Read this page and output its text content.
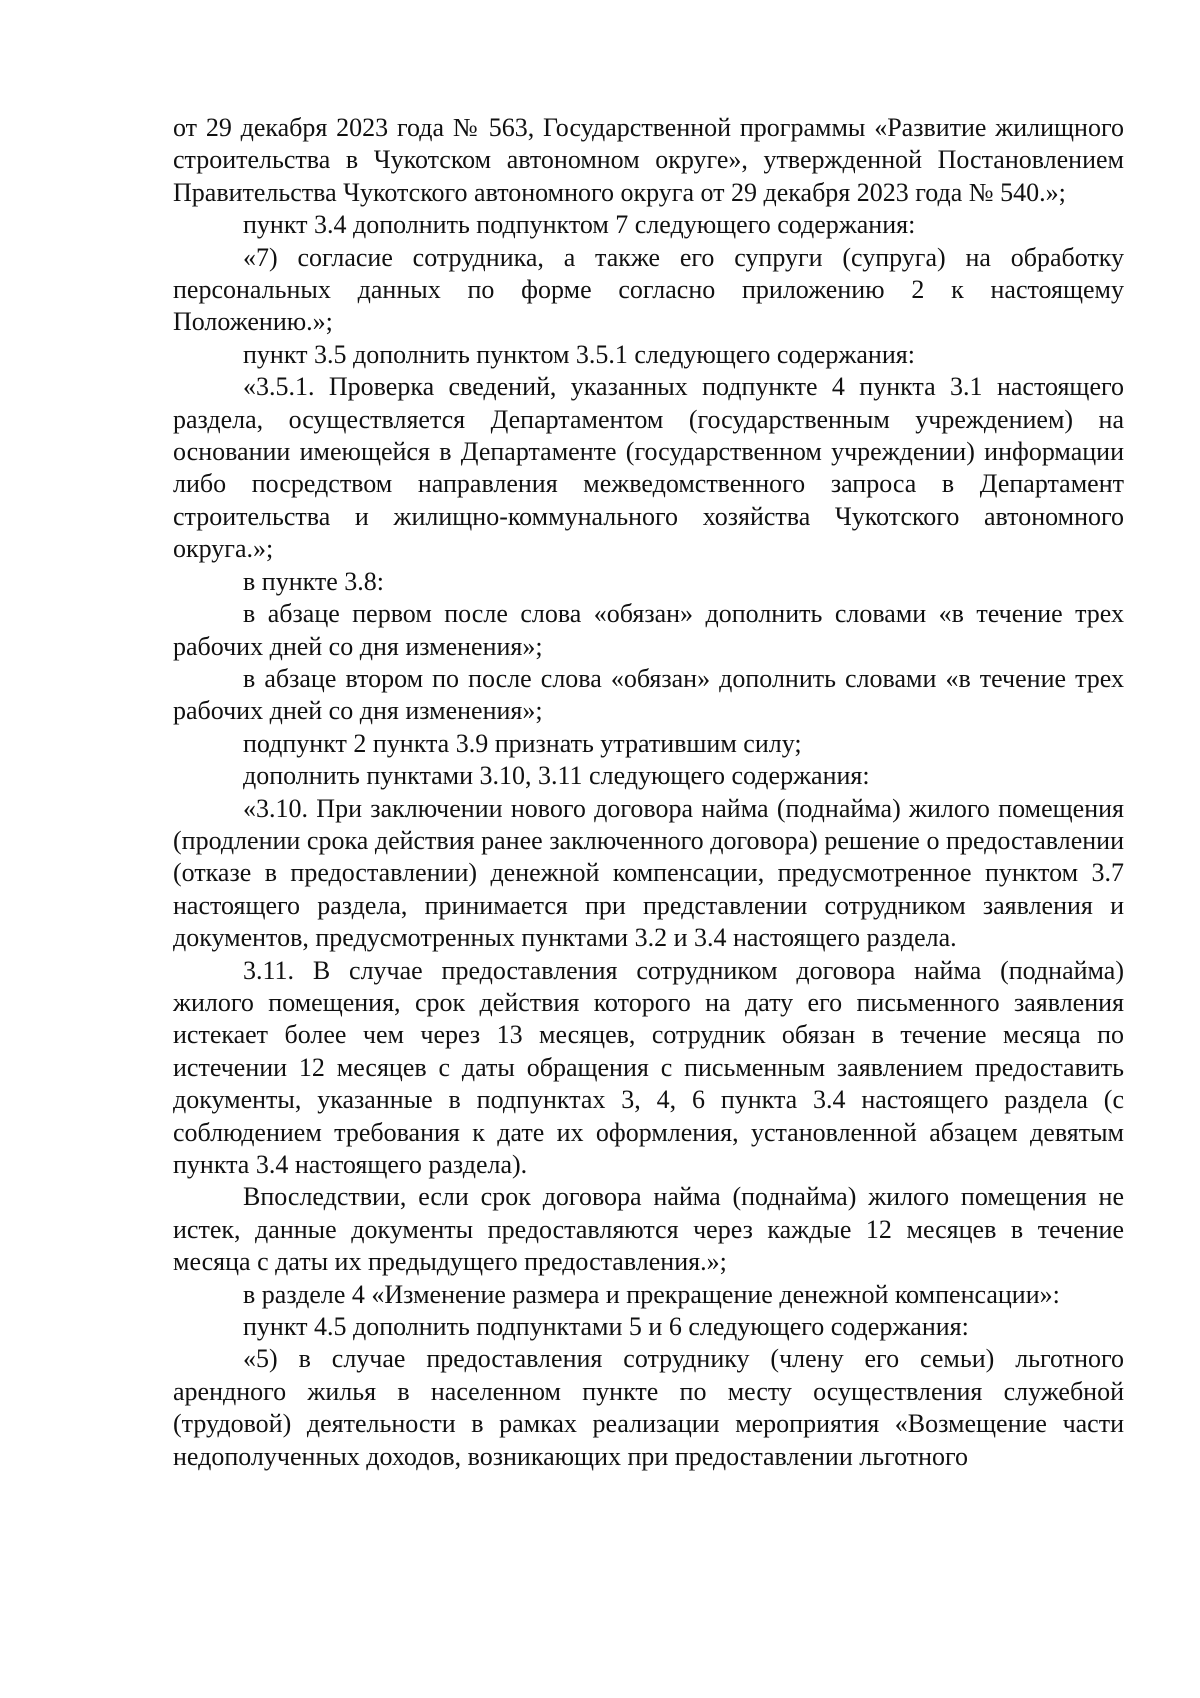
от 29 декабря 2023 года № 563, Государственной программы «Развитие жилищного строительства в Чукотском автономном округе», утвержденной Постановлением Правительства Чукотского автономного округа от 29 декабря 2023 года № 540.»;

пункт 3.4 дополнить подпунктом 7 следующего содержания:

«7) согласие сотрудника, а также его супруги (супруга) на обработку персональных данных по форме согласно приложению 2 к настоящему Положению.»;

пункт 3.5 дополнить пунктом 3.5.1 следующего содержания:

«3.5.1. Проверка сведений, указанных подпункте 4 пункта 3.1 настоящего раздела, осуществляется Департаментом (государственным учреждением) на основании имеющейся в Департаменте (государственном учреждении) информации либо посредством направления межведомственного запроса в Департамент строительства и жилищно-коммунального хозяйства Чукотского автономного округа.»;

в пункте 3.8:

в абзаце первом после слова «обязан» дополнить словами «в течение трех рабочих дней со дня изменения»;

в абзаце втором по после слова «обязан» дополнить словами «в течение трех рабочих дней со дня изменения»;

подпункт 2 пункта 3.9 признать утратившим силу;

дополнить пунктами 3.10, 3.11 следующего содержания:

«3.10. При заключении нового договора найма (поднайма) жилого помещения (продлении срока действия ранее заключенного договора) решение о предоставлении (отказе в предоставлении) денежной компенсации, предусмотренное пунктом 3.7 настоящего раздела, принимается при представлении сотрудником заявления и документов, предусмотренных пунктами 3.2 и 3.4 настоящего раздела.

3.11. В случае предоставления сотрудником договора найма (поднайма) жилого помещения, срок действия которого на дату его письменного заявления истекает более чем через 13 месяцев, сотрудник обязан в течение месяца по истечении 12 месяцев с даты обращения с письменным заявлением предоставить документы, указанные в подпунктах 3, 4, 6 пункта 3.4 настоящего раздела (с соблюдением требования к дате их оформления, установленной абзацем девятым пункта 3.4 настоящего раздела).

Впоследствии, если срок договора найма (поднайма) жилого помещения не истек, данные документы предоставляются через каждые 12 месяцев в течение месяца с даты их предыдущего предоставления.»;

в разделе 4 «Изменение размера и прекращение денежной компенсации»:

пункт 4.5 дополнить подпунктами 5 и 6 следующего содержания:

«5) в случае предоставления сотруднику (члену его семьи) льготного арендного жилья в населенном пункте по месту осуществления служебной (трудовой) деятельности в рамках реализации мероприятия «Возмещение части недополученных доходов, возникающих при предоставлении льготного
